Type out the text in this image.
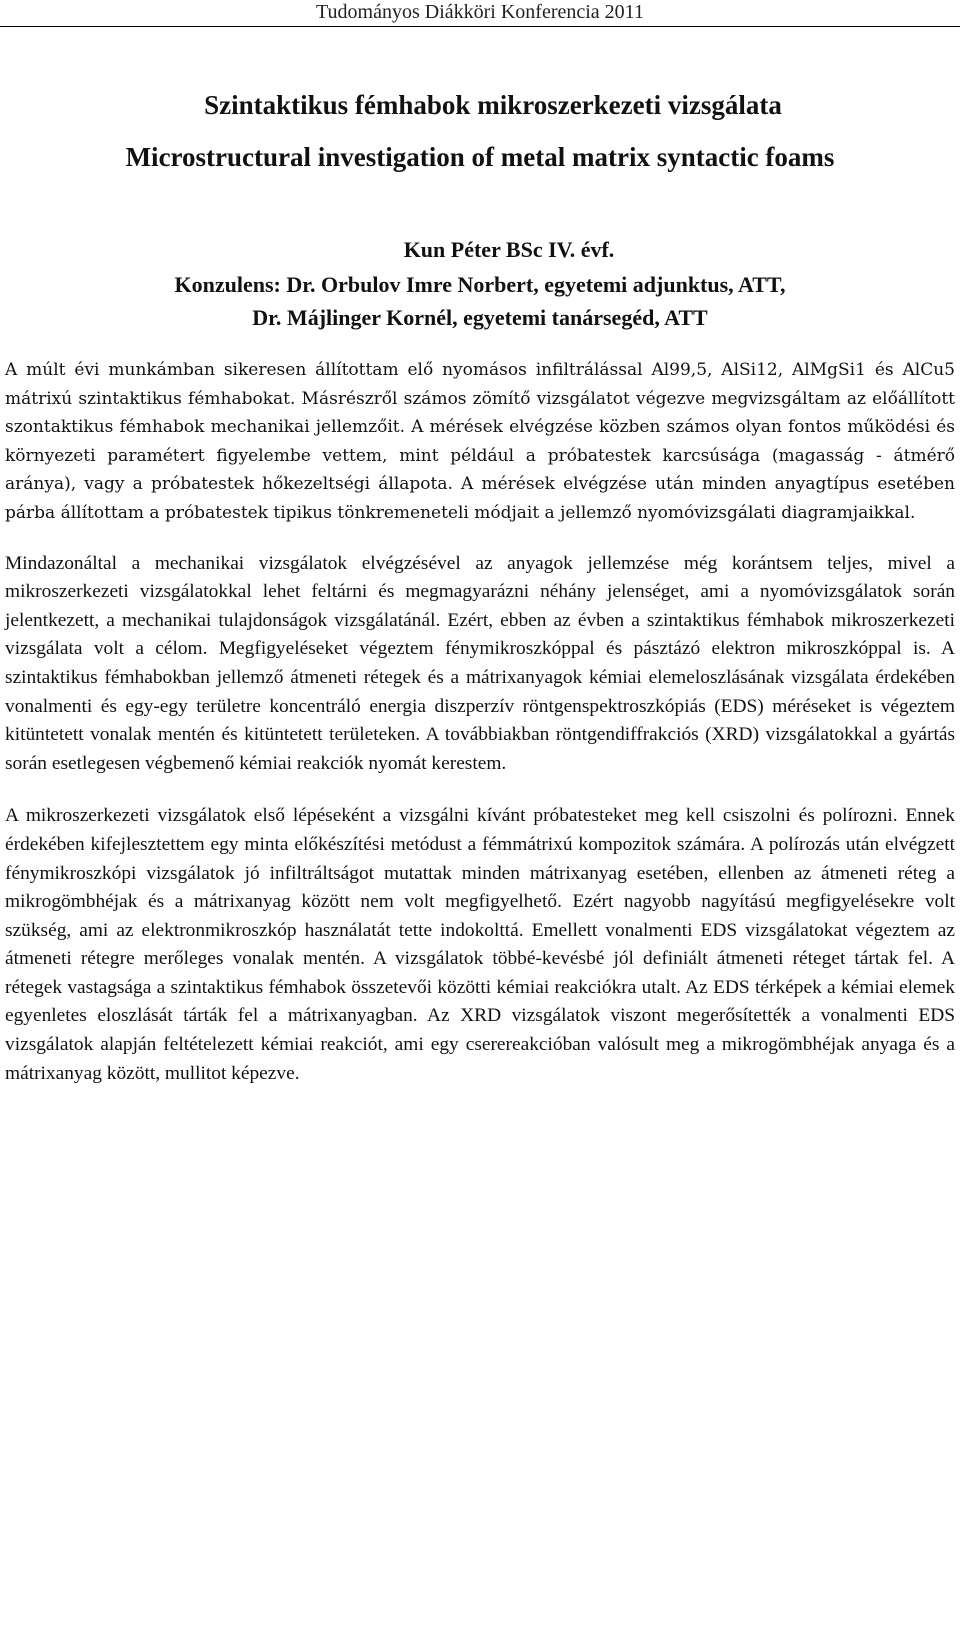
Tudományos Diákköri Konferencia 2011
Szintaktikus fémhabok mikroszerkezeti vizsgálata
Microstructural investigation of metal matrix syntactic foams
Kun Péter BSc IV. évf.
Konzulens: Dr. Orbulov Imre Norbert, egyetemi adjunktus, ATT,
Dr. Májlinger Kornél, egyetemi tanársegéd, ATT

A múlt évi munkámban sikeresen állítottam elő nyomásos infiltrálással Al99,5, AlSi12, AlMgSi1 és AlCu5 mátrixú szintaktikus fémhabokat. Másrészről számos zömítő vizsgálatot végezve megvizsgáltam az előállított szontaktikus fémhabok mechanikai jellemzőit. A mérések elvégzése közben számos olyan fontos működési és környezeti paramétert figyelembe vettem, mint például a próbatestek karcsúsága (magasság - átmérő aránya), vagy a próbatestek hőkezeltségi állapota. A mérések elvégzése után minden anyagtípus esetében párba állítottam a próbatestek tipikus tönkremeneteli módjait a jellemző nyomóvizsgálati diagramjaikkal.

Mindazonáltal a mechanikai vizsgálatok elvégzésével az anyagok jellemzése még korántsem teljes, mivel a mikroszerkezeti vizsgálatokkal lehet feltárni és megmagyarázni néhány jelenséget, ami a nyomóvizsgálatok során jelentkezett, a mechanikai tulajdonságok vizsgálatánál. Ezért, ebben az évben a szintaktikus fémhabok mikroszerkezeti vizsgálata volt a célom. Megfigyeléseket végeztem fénymikroszkóppal és pásztázó elektron mikroszkóppal is. A szintaktikus fémhabokban jellemző átmeneti rétegek és a mátrixanyagok kémiai elemeloszlásának vizsgálata érdekében vonalmenti és egy-egy területre koncentráló energia diszperzív röntgenspektroszkópiás (EDS) méréseket is végeztem kitüntetett vonalak mentén és kitüntetett területeken. A továbbiakban röntgendiffrakciós (XRD) vizsgálatokkal a gyártás során esetlegesen végbemenő kémiai reakciók nyomát kerestem.

A mikroszerkezeti vizsgálatok első lépéseként a vizsgálni kívánt próbatesteket meg kell csiszolni és polírozni. Ennek érdekében kifejlesztettem egy minta előkészítési metódust a fémmátrixú kompozitok számára. A polírozás után elvégzett fénymikroszkópi vizsgálatok jó infiltráltságot mutattak minden mátrixanyag esetében, ellenben az átmeneti réteg a mikrogömbhéjak és a mátrixanyag között nem volt megfigyelhető. Ezért nagyobb nagyítású megfigyelésekre volt szükség, ami az elektronmikroszkóp használatát tette indokolttá. Emellett vonalmenti EDS vizsgálatokat végeztem az átmeneti rétegre merőleges vonalak mentén. A vizsgálatok többé-kevésbé jól definiált átmeneti réteget tártak fel. A rétegek vastagsága a szintaktikus fémhabok összetevői közötti kémiai reakciókra utalt. Az EDS térképek a kémiai elemek egyenletes eloszlását tárták fel a mátrixanyagban. Az XRD vizsgálatok viszont megerősítették a vonalmenti EDS vizsgálatok alapján feltételezett kémiai reakciót, ami egy cserereakcióban valósult meg a mikrogömbhéjak anyaga és a mátrixanyag között, mullitot képezve.
